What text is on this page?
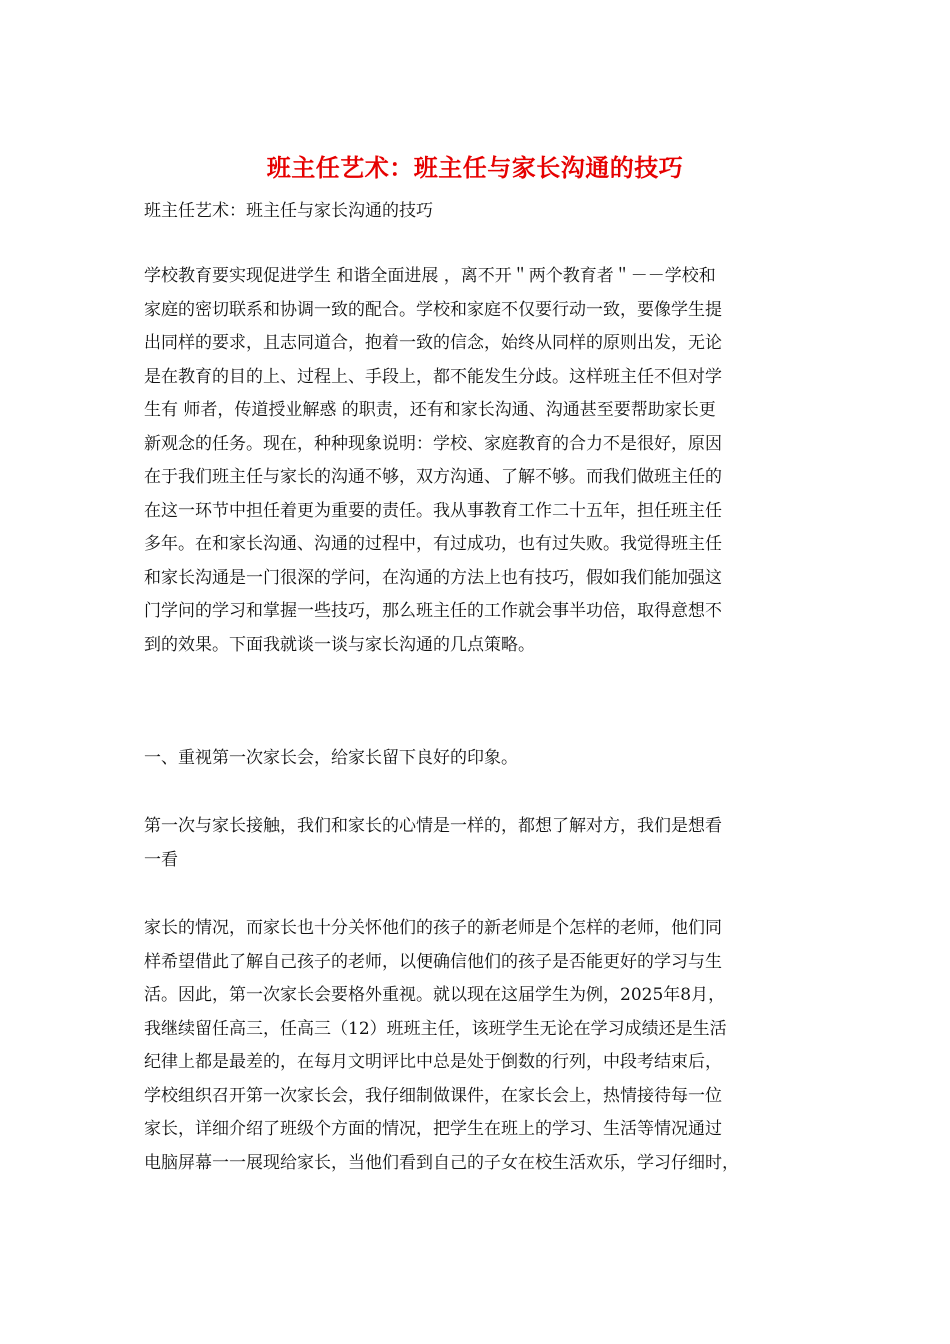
班主任艺术：班主任与家长沟通的技巧
班主任艺术：班主任与家长沟通的技巧
学校教育要实现促进学生 和谐全面进展 ，离不开＂两个教育者＂－－学校和
家庭的密切联系和协调一致的配合。学校和家庭不仅要行动一致，要像学生提
出同样的要求，且志同道合，抱着一致的信念，始终从同样的原则出发，无论
是在教育的目的上、过程上、手段上，都不能发生分歧。这样班主任不但对学
生有 师者，传道授业解惑 的职责，还有和家长沟通、沟通甚至要帮助家长更
新观念的任务。现在，种种现象说明：学校、家庭教育的合力不是很好，原因
在于我们班主任与家长的沟通不够，双方沟通、了解不够。而我们做班主任的
在这一环节中担任着更为重要的责任。我从事教育工作二十五年，担任班主任
多年。在和家长沟通、沟通的过程中，有过成功，也有过失败。我觉得班主任
和家长沟通是一门很深的学问，在沟通的方法上也有技巧，假如我们能加强这
门学问的学习和掌握一些技巧，那么班主任的工作就会事半功倍，取得意想不
到的效果。下面我就谈一谈与家长沟通的几点策略。
一、重视第一次家长会，给家长留下良好的印象。
第一次与家长接触，我们和家长的心情是一样的，都想了解对方，我们是想看
一看
家长的情况，而家长也十分关怀他们的孩子的新老师是个怎样的老师，他们同
样希望借此了解自己孩子的老师，以便确信他们的孩子是否能更好的学习与生
活。因此，第一次家长会要格外重视。就以现在这届学生为例，2025年8月，
我继续留任高三，任高三（12）班班主任，该班学生无论在学习成绩还是生活
纪律上都是最差的，在每月文明评比中总是处于倒数的行列，中段考结束后，
学校组织召开第一次家长会，我仔细制做课件，在家长会上，热情接待每一位
家长，详细介绍了班级个方面的情况，把学生在班上的学习、生活等情况通过
电脑屏幕一一展现给家长，当他们看到自己的子女在校生活欢乐，学习仔细时，
